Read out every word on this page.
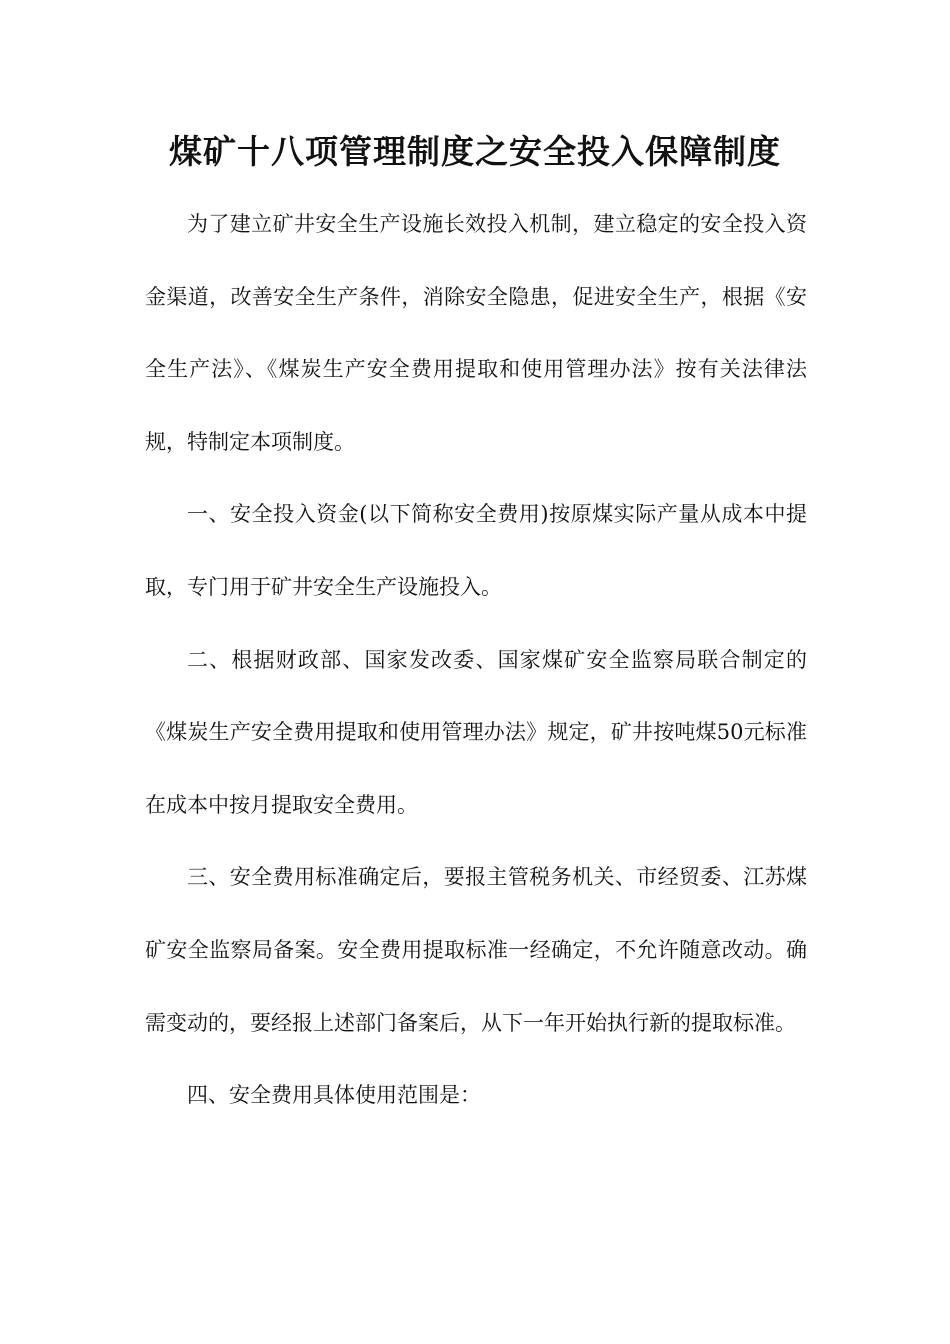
煤矿十八项管理制度之安全投入保障制度

为了建立矿井安全生产设施长效投入机制，建立稳定的安全投入资金渠道，改善安全生产条件，消除安全隐患，促进安全生产，根据《安全生产法》、《煤炭生产安全费用提取和使用管理办法》按有关法律法规，特制定本项制度。

一、安全投入资金(以下简称安全费用)按原煤实际产量从成本中提取，专门用于矿井安全生产设施投入。

二、根据财政部、国家发改委、国家煤矿安全监察局联合制定的《煤炭生产安全费用提取和使用管理办法》规定，矿井按吨煤50元标准在成本中按月提取安全费用。

三、安全费用标准确定后，要报主管税务机关、市经贸委、江苏煤矿安全监察局备案。安全费用提取标准一经确定，不允许随意改动。确需变动的，要经报上述部门备案后，从下一年开始执行新的提取标准。

四、安全费用具体使用范围是：
